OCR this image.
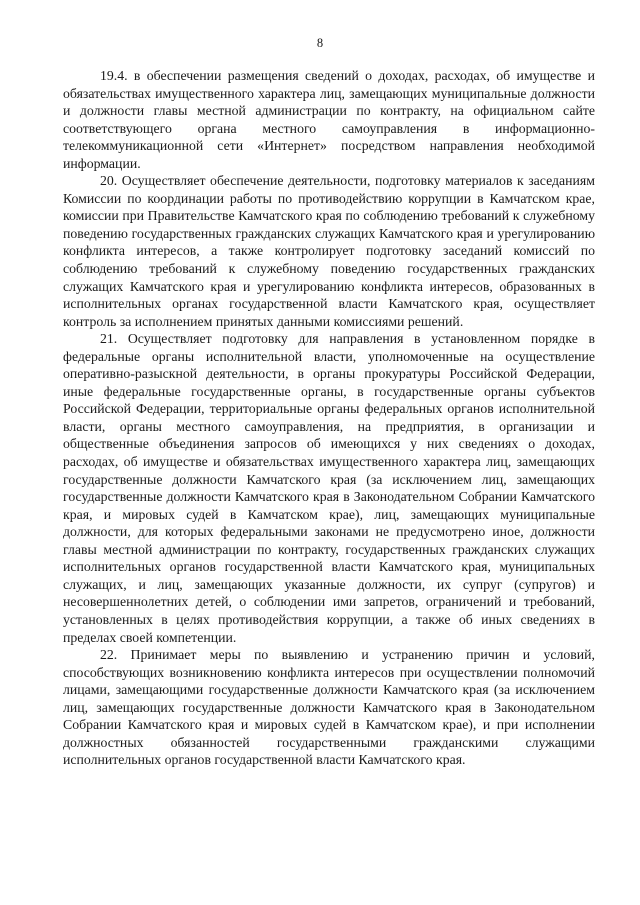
8

19.4. в обеспечении размещения сведений о доходах, расходах, об имуществе и обязательствах имущественного характера лиц, замещающих муниципальные должности и должности главы местной администрации по контракту, на официальном сайте соответствующего органа местного самоуправления в информационно-телекоммуникационной сети «Интернет» посредством направления необходимой информации.

20. Осуществляет обеспечение деятельности, подготовку материалов к заседаниям Комиссии по координации работы по противодействию коррупции в Камчатском крае, комиссии при Правительстве Камчатского края по соблюдению требований к служебному поведению государственных гражданских служащих Камчатского края и урегулированию конфликта интересов, а также контролирует подготовку заседаний комиссий по соблюдению требований к служебному поведению государственных гражданских служащих Камчатского края и урегулированию конфликта интересов, образованных в исполнительных органах государственной власти Камчатского края, осуществляет контроль за исполнением принятых данными комиссиями решений.

21. Осуществляет подготовку для направления в установленном порядке в федеральные органы исполнительной власти, уполномоченные на осуществление оперативно-разыскной деятельности, в органы прокуратуры Российской Федерации, иные федеральные государственные органы, в государственные органы субъектов Российской Федерации, территориальные органы федеральных органов исполнительной власти, органы местного самоуправления, на предприятия, в организации и общественные объединения запросов об имеющихся у них сведениях о доходах, расходах, об имуществе и обязательствах имущественного характера лиц, замещающих государственные должности Камчатского края (за исключением лиц, замещающих государственные должности Камчатского края в Законодательном Собрании Камчатского края, и мировых судей в Камчатском крае), лиц, замещающих муниципальные должности, для которых федеральными законами не предусмотрено иное, должности главы местной администрации по контракту, государственных гражданских служащих исполнительных органов государственной власти Камчатского края, муниципальных служащих, и лиц, замещающих указанные должности, их супруг (супругов) и несовершеннолетних детей, о соблюдении ими запретов, ограничений и требований, установленных в целях противодействия коррупции, а также об иных сведениях в пределах своей компетенции.

22. Принимает меры по выявлению и устранению причин и условий, способствующих возникновению конфликта интересов при осуществлении полномочий лицами, замещающими государственные должности Камчатского края (за исключением лиц, замещающих государственные должности Камчатского края в Законодательном Собрании Камчатского края и мировых судей в Камчатском крае), и при исполнении должностных обязанностей государственными гражданскими служащими исполнительных органов государственной власти Камчатского края.
